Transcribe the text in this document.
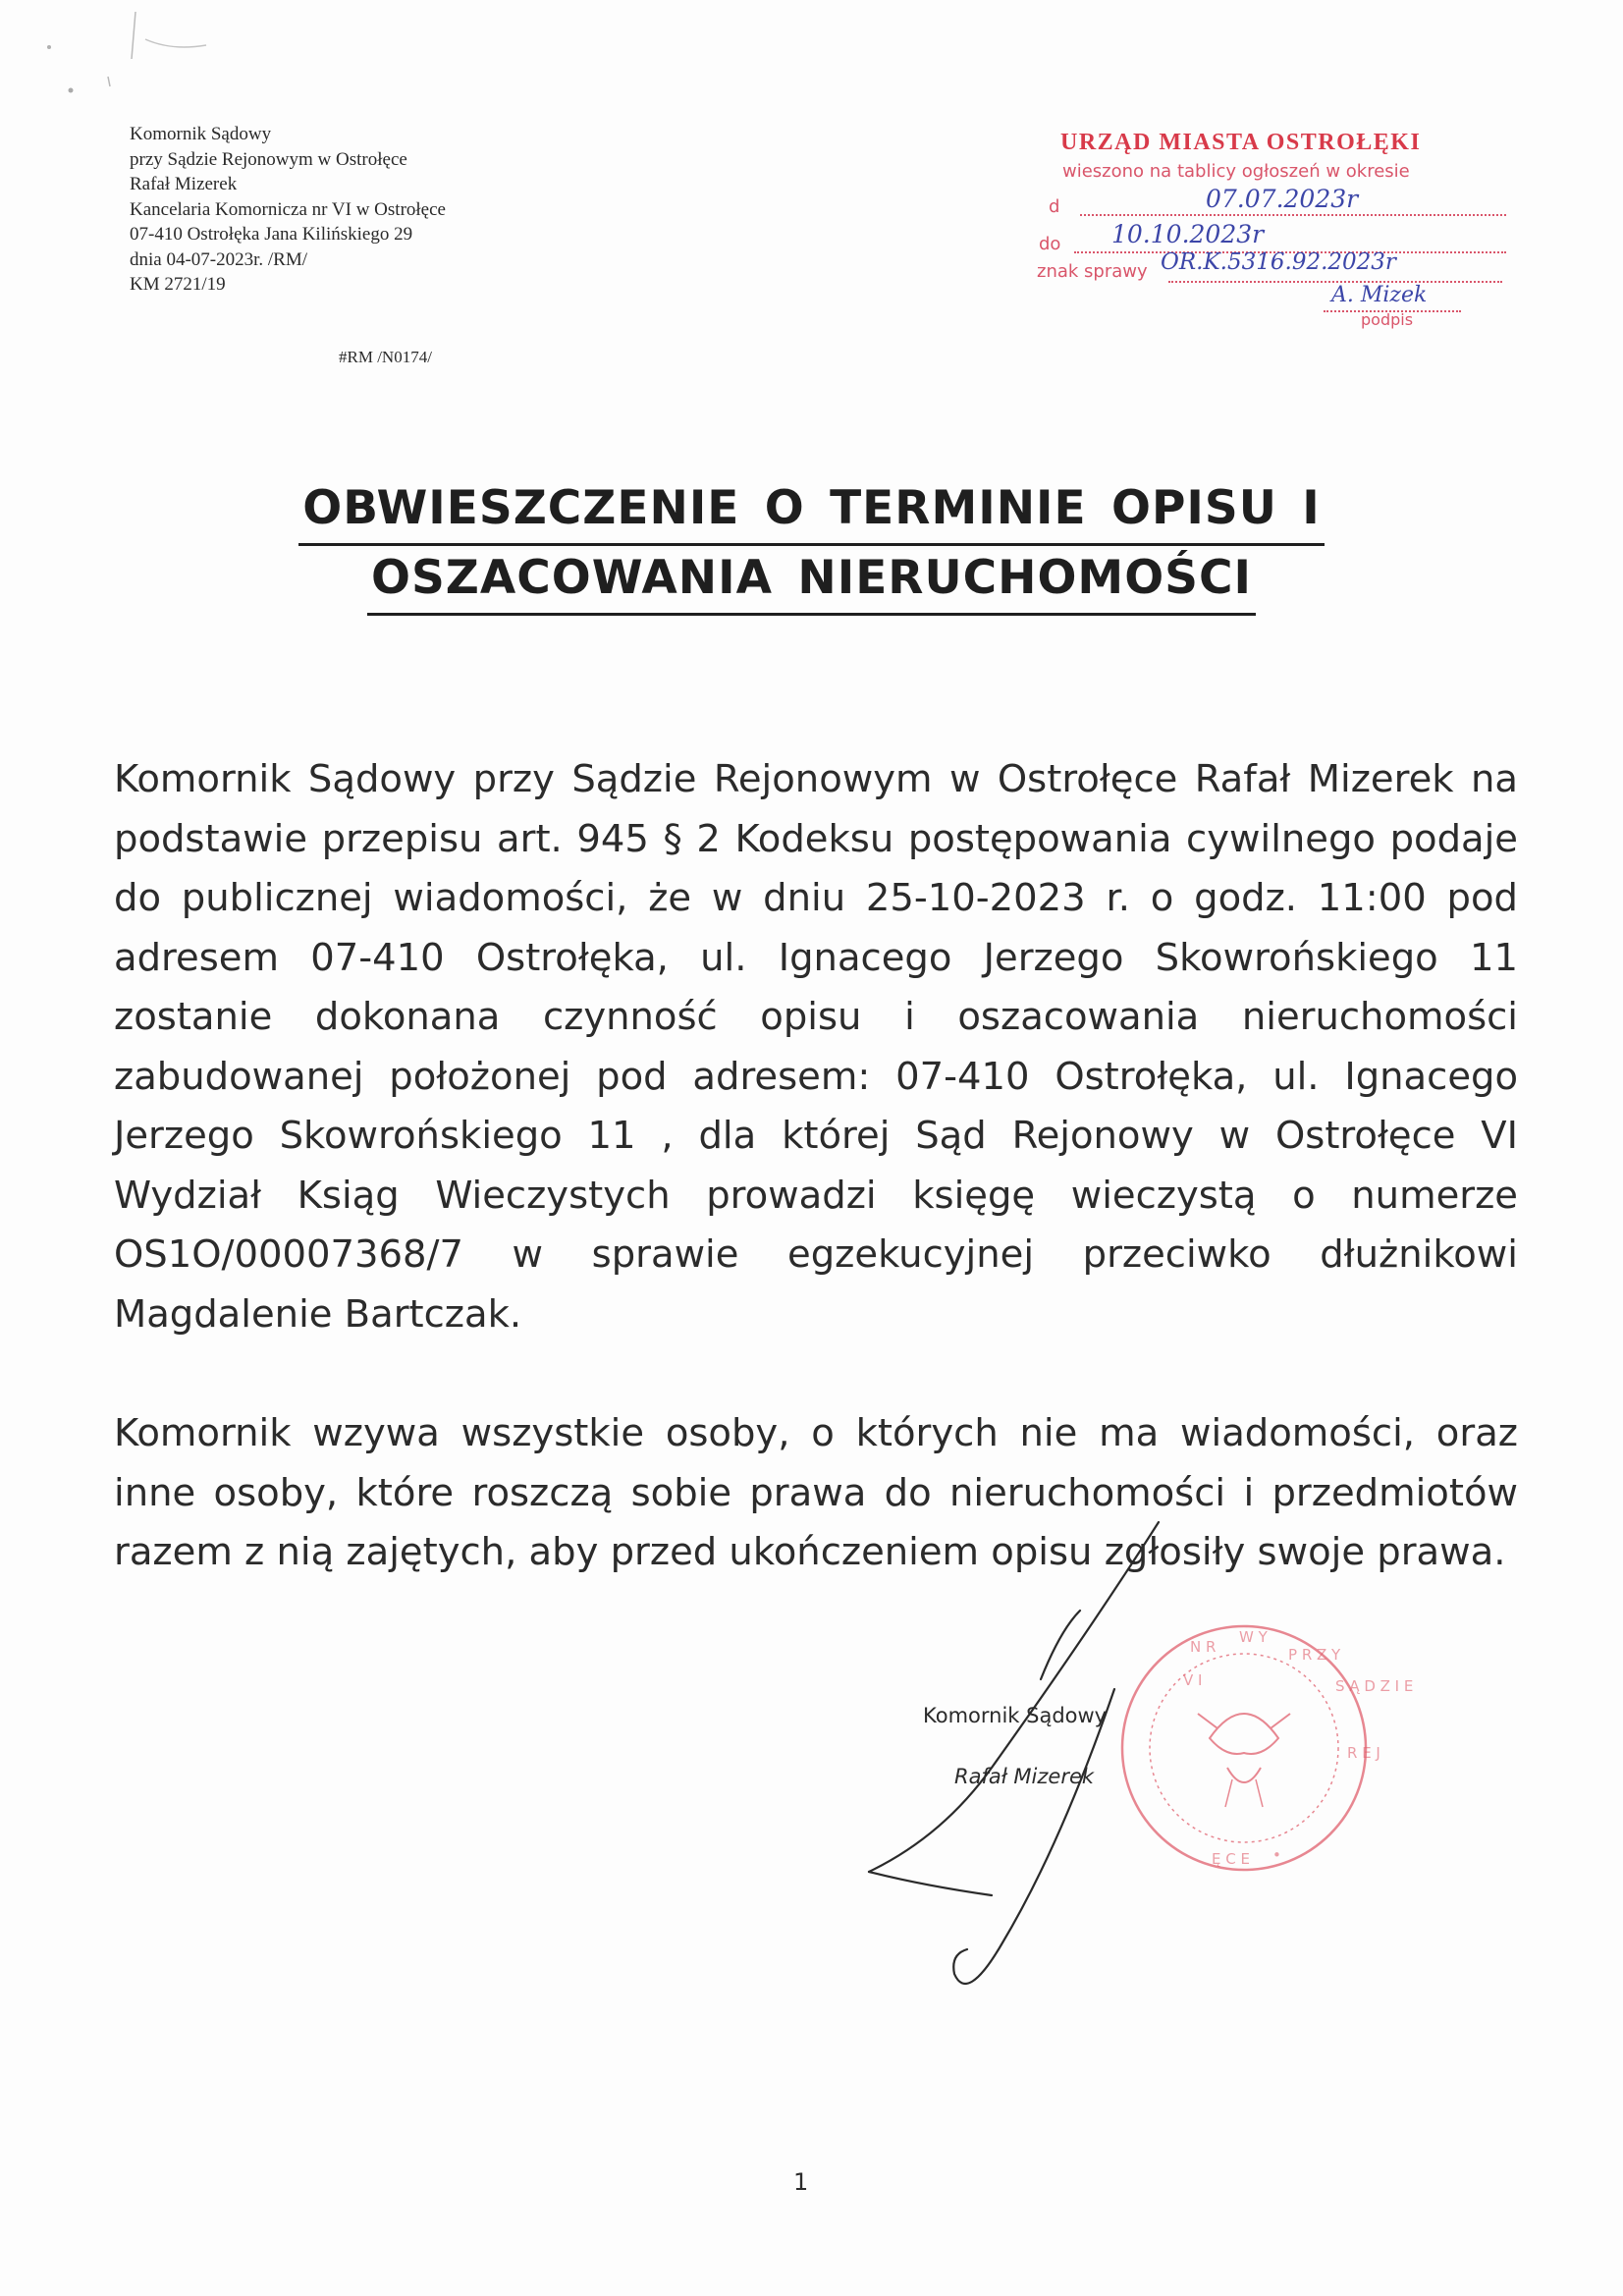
Komornik Sądowy
przy Sądzie Rejonowym w Ostrołęce
Rafał Mizerek
Kancelaria Komornicza nr VI w Ostrołęce
07-410 Ostrołęka Jana Kilińskiego 29
dnia 04-07-2023r. /RM/
KM 2721/19
#RM /N0174/
URZĄD MIASTA OSTROŁĘKI
wieszono na tablicy ogłoszeń w okresie
d	07.07.2023r
do 10.10.2023r
znak sprawy OR.K.5316.92.2023r
A. Mizek
podpis
OBWIESZCZENIE O TERMINIE OPISU I
OSZACOWANIA NIERUCHOMOŚCI
Komornik Sądowy przy Sądzie Rejonowym w Ostrołęce Rafał Mizerek na podstawie przepisu art. 945 § 2 Kodeksu postępowania cywilnego podaje do publicznej wiadomości, że w dniu 25-10-2023 r. o godz. 11:00 pod adresem 07-410 Ostrołęka, ul. Ignacego Jerzego Skowrońskiego 11 zostanie dokonana czynność opisu i oszacowania nieruchomości zabudowanej położonej pod adresem: 07-410 Ostrołęka, ul. Ignacego Jerzego Skowrońskiego 11 , dla której Sąd Rejonowy w Ostrołęce VI Wydział Ksiąg Wieczystych prowadzi księgę wieczystą o numerze OS1O/00007368/7 w sprawie egzekucyjnej przeciwko dłużnikowi Magdalenie Bartczak.
Komornik wzywa wszystkie osoby, o których nie ma wiadomości, oraz inne osoby, które roszczą sobie prawa do nieruchomości i przedmiotów razem z nią zajętych, aby przed ukończeniem opisu zgłosiły swoje prawa.
W Y
P R Z Y
S Ą D Z I E
N R
V I
R E J
Ę C E •
Komornik Sądowy
Rafał Mizerek
1
